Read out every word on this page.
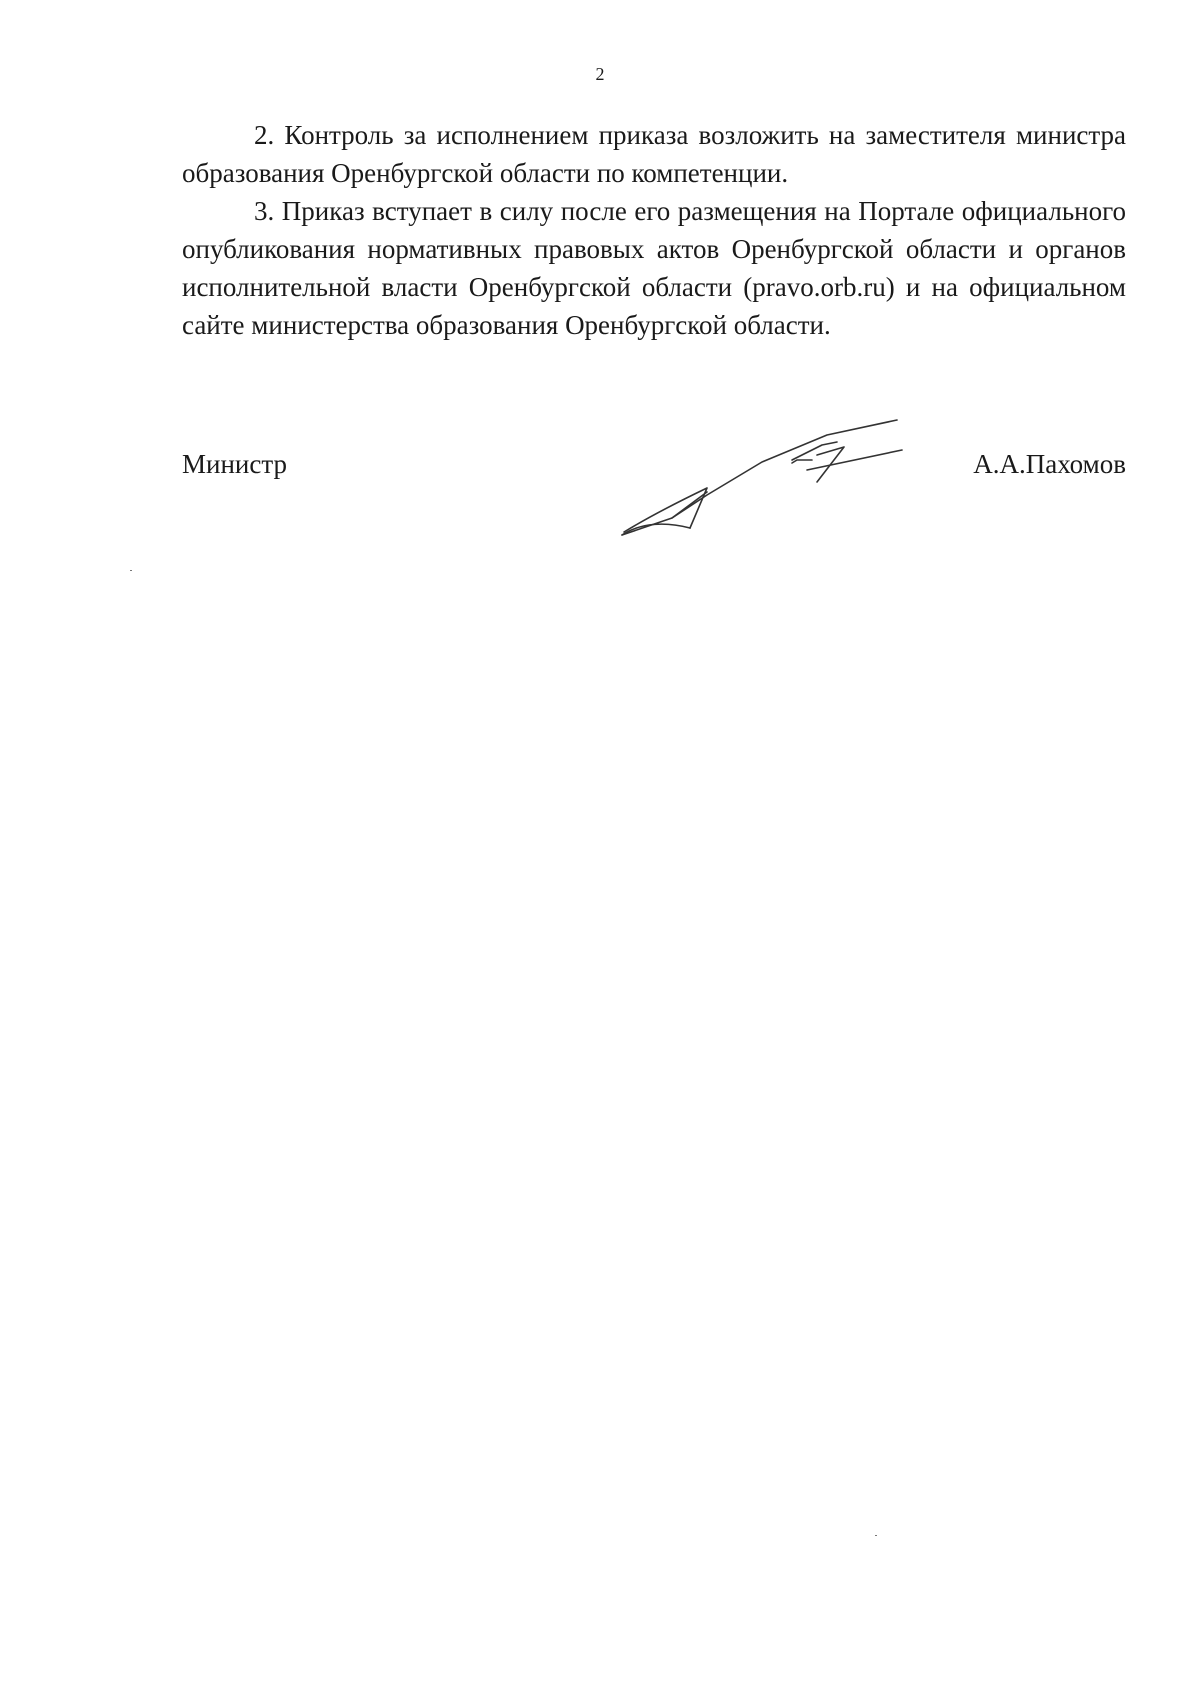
2

2. Контроль за исполнением приказа возложить на заместителя министра образования Оренбургской области по компетенции.

3. Приказ вступает в силу после его размещения на Портале официального опубликования нормативных правовых актов Оренбургской области и органов исполнительной власти Оренбургской области (pravo.orb.ru) и на официальном сайте министерства образования Оренбургской области.

Министр	А.А.Пахомов
